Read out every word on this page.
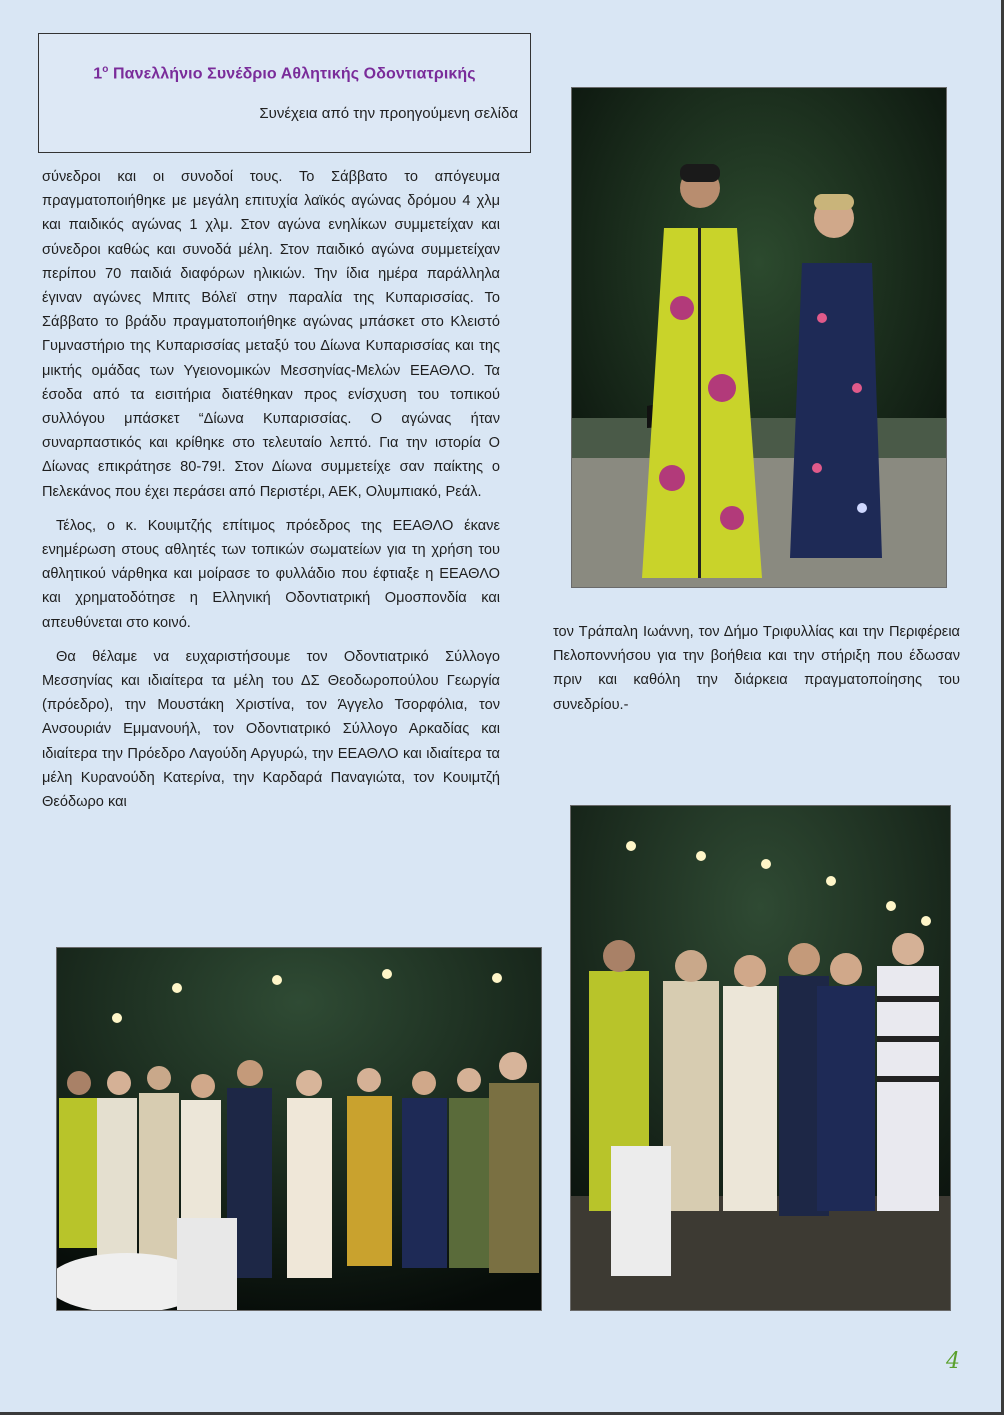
$1^o$ Πανελλήνιο Συνέδριο Αθλητικής Οδοντιατρικής
Συνέχεια από την προηγούμενη σελίδα

σύνεδροι και οι συνοδοί τους. Το Σάββατο το απόγευμα πραγματοποιήθηκε με μεγάλη επιτυχία λαϊκός αγώνας δρόμου 4 χλμ και παιδικός αγώνας 1 χλμ. Στον αγώνα ενηλίκων συμμετείχαν και σύνεδροι καθώς και συνοδά μέλη. Στον παιδικό αγώνα συμμετείχαν περίπου 70 παιδιά διαφόρων ηλικιών. Την ίδια ημέρα παράλληλα έγιναν αγώνες Μπιτς Βόλεϊ στην παραλία της Κυπαρισσίας. Το Σάββατο το βράδυ πραγματοποιήθηκε αγώνας μπάσκετ στο Κλειστό Γυμναστήριο της Κυπαρισσίας μεταξύ του Δίωνα Κυπαρισσίας και της μικτής ομάδας των Υγειονομικών Μεσσηνίας-Μελών ΕΕΑΘΛΟ. Τα έσοδα από τα εισιτήρια διατέθηκαν προς ενίσχυση του τοπικού συλλόγου μπάσκετ “Δίωνα Κυπαρισσίας. Ο αγώνας ήταν συναρπαστικός και κρίθηκε στο τελευταίο λεπτό. Για την ιστορία Ο Δίωνας επικράτησε 80-79!. Στον Δίωνα συμμετείχε σαν παίκτης ο Πελεκάνος που έχει περάσει από Περιστέρι, ΑΕΚ, Ολυμπιακό, Ρεάλ.

Τέλος, ο κ. Κουιμτζής επίτιμος πρόεδρος της ΕΕΑΘΛΟ έκανε ενημέρωση στους αθλητές των τοπικών σωματείων για τη χρήση του αθλητικού νάρθηκα και μοίρασε το φυλλάδιο που έφτιαξε η ΕΕΑΘΛΟ και χρηματοδότησε η Ελληνική Οδοντιατρική Ομοσπονδία και απευθύνεται στο κοινό.

Θα θέλαμε να ευχαριστήσουμε τον Οδοντιατρικό Σύλλογο Μεσσηνίας και ιδιαίτερα τα μέλη του ΔΣ Θεοδωροπούλου Γεωργία (πρόεδρο), την Μουστάκη Χριστίνα, τον Άγγελο Τσορφόλια, τον Ανσουριάν Εμμανουήλ, τον Οδοντιατρικό Σύλλογο Αρκαδίας και ιδιαίτερα την Πρόεδρο Λαγούδη Αργυρώ, την ΕΕΑΘΛΟ και ιδιαίτερα τα μέλη Κυρανούδη Κατερίνα, την Καρδαρά Παναγιώτα, τον Κουιμτζή Θεόδωρο και

τον Τράπαλη Ιωάννη, τον Δήμο Τριφυλλίας και την Περιφέρεια Πελοποννήσου για την βοήθεια και την στήριξη που έδωσαν πριν και καθόλη την διάρκεια πραγματοποίησης του συνεδρίου.-

4
